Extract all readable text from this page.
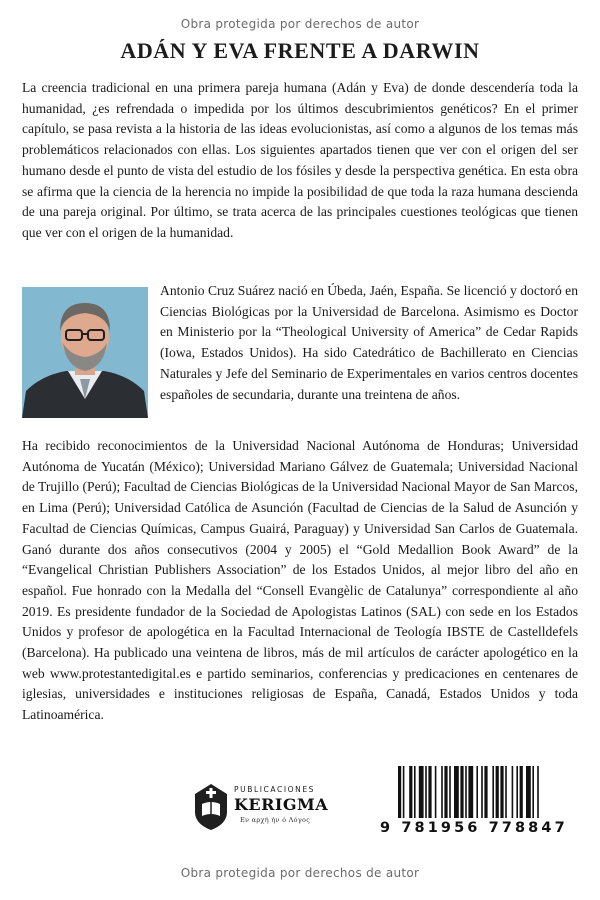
Obra protegida por derechos de autor
ADÁN Y EVA FRENTE A DARWIN
La creencia tradicional en una primera pareja humana (Adán y Eva) de donde descendería toda la humanidad, ¿es refrendada o impedida por los últimos descubrimientos genéticos? En el primer capítulo, se pasa revista a la historia de las ideas evolucionistas, así como a algunos de los temas más problemáticos relacionados con ellas. Los siguientes apartados tienen que ver con el origen del ser humano desde el punto de vista del estudio de los fósiles y desde la perspectiva genética. En esta obra se afirma que la ciencia de la herencia no impide la posibilidad de que toda la raza humana descienda de una pareja original. Por último, se trata acerca de las principales cuestiones teológicas que tienen que ver con el origen de la humanidad.
Antonio Cruz Suárez nació en Úbeda, Jaén, España. Se licenció y doctoró en Ciencias Biológicas por la Universidad de Barcelona. Asimismo es Doctor en Ministerio por la “Theological University of America” de Cedar Rapids (Iowa, Estados Unidos). Ha sido Catedrático de Bachillerato en Ciencias Naturales y Jefe del Seminario de Experimentales en varios centros docentes españoles de secundaria, durante una treintena de años.
Ha recibido reconocimientos de la Universidad Nacional Autónoma de Honduras; Universidad Autónoma de Yucatán (México); Universidad Mariano Gálvez de Guatemala; Universidad Nacional de Trujillo (Perú); Facultad de Ciencias Biológicas de la Universidad Nacional Mayor de San Marcos, en Lima (Perú); Universidad Católica de Asunción (Facultad de Ciencias de la Salud de Asunción y Facultad de Ciencias Químicas, Campus Guairá, Paraguay) y Universidad San Carlos de Guatemala. Ganó durante dos años consecutivos (2004 y 2005) el “Gold Medallion Book Award” de la “Evangelical Christian Publishers Association” de los Estados Unidos, al mejor libro del año en español. Fue honrado con la Medalla del “Consell Evangèlic de Catalunya” correspondiente al año 2019. Es presidente fundador de la Sociedad de Apologistas Latinos (SAL) con sede en los Estados Unidos y profesor de apologética en la Facultad Internacional de Teología IBSTE de Castelldefels (Barcelona). Ha publicado una veintena de libros, más de mil artículos de carácter apologético en la web www.protestantedigital.es e partido seminarios, conferencias y predicaciones en centenares de iglesias, universidades e instituciones religiosas de España, Canadá, Estados Unidos y toda Latinoamérica.
PUBLICACIONES
KERIGMA
Εν αρχή ήν ό Λόγος	9 781956 778847
Obra protegida por derechos de autor
